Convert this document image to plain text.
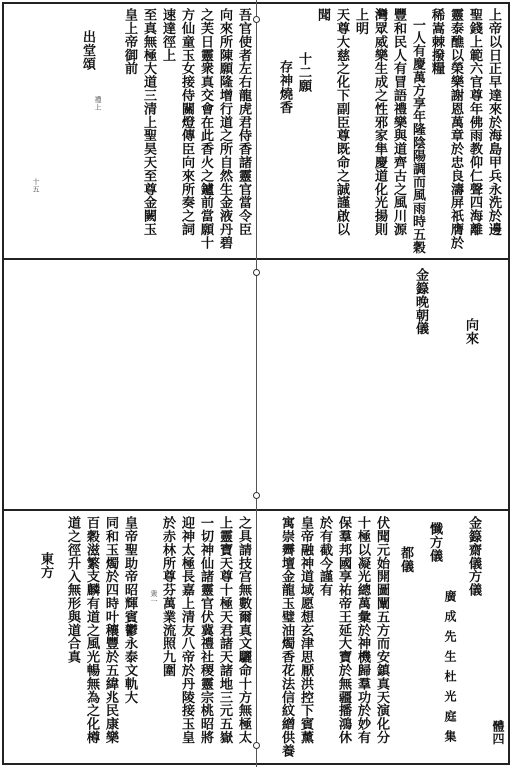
上帝以日正早達來於海島甲兵永洗於邊
聖錢上範六官尊年佛雨教仰仁聲四海離
靈泰醮以榮樂謝恩萬章於忠良濤屏祇膺於
稀嵩棘撥糧
一人有慶萬方享年隆陰陽調而風雨時五穀
豐和民人有冒語禮樂與道齊古之風川源
灣眾威樂生成之性邪家隼慶道化光揚則
上明
天尊大慈之化下副臣尊既命之誠謹啟以
聞
十二願
存神燒香
吾官使者左右龍虎君侍香諸靈官當令臣
向來所陳願隆增行道之所自然生金液丹碧
之芙日靈衆真交會在此香火之鑪前當願十
方仙童玉女接侍關燈傳臣向來所奏之詞
速達徑上
至真無極大道三清上聖昊天至尊金闕玉
皇上帝御前
出堂頌
禮上
十五
金籙晚朝儀	向來
金籙齋儀方儀
廣成先生杜光庭集	體四
懺方儀
都儀
伏聞元始開圖闡五方而安鎮真天演化分
十極以凝光總萬彙於神機歸羣功於妙有
保羣邦國享祐帝王延大寶於無疆播鴻休
於有截今謹有
皇帝融神道域愿想玄津思厭洪控下賓薰
寓崇霽壇金龍玉璧油燭香花法信紋繒供養
之具請技宫無數爾真文驪命十方無極太
上靈寶天尊十極天君諸天諸地三元五嶽
一切神仙諸靈官伏冀禮社稷靈宗桃昭將
迎神太極長嘉上清友八帝於丹陵接玉皇
於赤林所尊芬萬業流照九圍
皇帝聖助帝昭輝賓鬱永泰文軌大
同和玉燭於四時叶穰豐於五緯兆民康樂
百穀滋繁支麟有道之風光暢無為之化樽
道之徑升入無形與道合真
東方
衆一
